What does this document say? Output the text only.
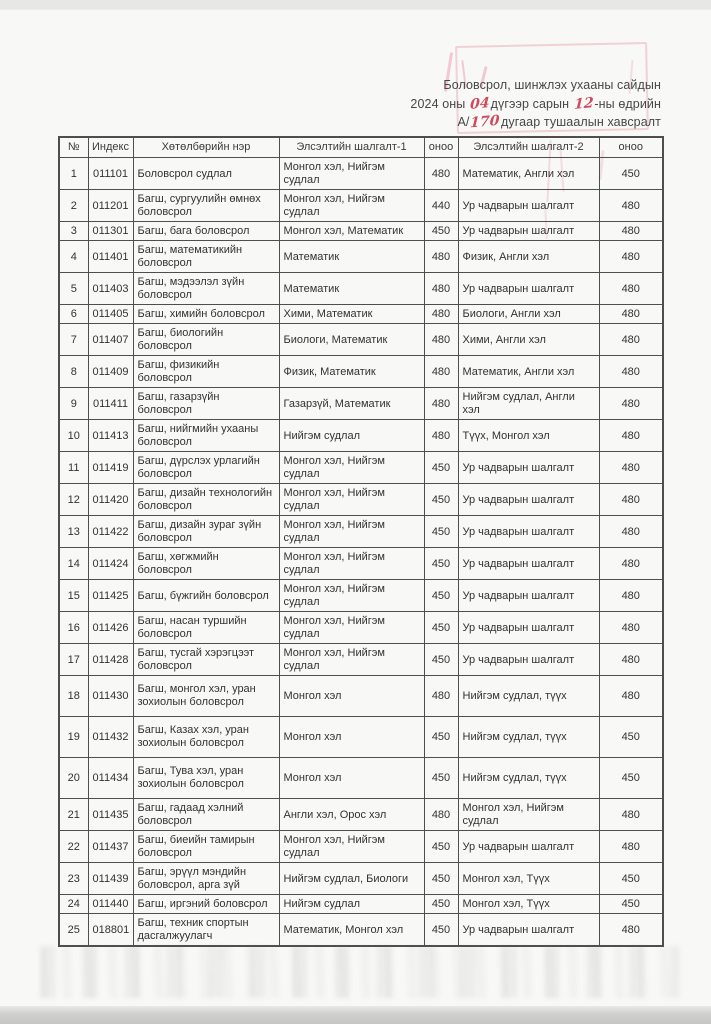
Боловсрол, шинжлэх ухааны сайдын
2024 оны 04дүгээр сарын 12-ны өдрийн
А/170дугаар тушаалын хавсралт
№	Индекс	Хөтөлбөрийн нэр	Элсэлтийн шалгалт-1	оноо	Элсэлтийн шалгалт-2	оноо
1	011101	Боловсрол судлал	Монгол хэл, Нийгэм судлал	480	Математик, Англи хэл	450
2	011201	Багш, сургуулийн өмнөх боловсрол	Монгол хэл, Нийгэм судлал	440	Ур чадварын шалгалт	480
3	011301	Багш, бага боловсрол	Монгол хэл, Математик	450	Ур чадварын шалгалт	480
4	011401	Багш, математикийн боловсрол	Математик	480	Физик, Англи хэл	480
5	011403	Багш, мэдээлэл зүйн боловсрол	Математик	480	Ур чадварын шалгалт	480
6	011405	Багш, химийн боловсрол	Хими, Математик	480	Биологи, Англи хэл	480
7	011407	Багш, биологийн боловсрол	Биологи, Математик	480	Хими, Англи хэл	480
8	011409	Багш, физикийн боловсрол	Физик, Математик	480	Математик, Англи хэл	480
9	011411	Багш, газарзүйн боловсрол	Газарзүй, Математик	480	Нийгэм судлал, Англи хэл	480
10	011413	Багш, нийгмийн ухааны боловсрол	Нийгэм судлал	480	Түүх, Монгол хэл	480
11	011419	Багш, дүрслэх урлагийн боловсрол	Монгол хэл, Нийгэм судлал	450	Ур чадварын шалгалт	480
12	011420	Багш, дизайн технологийн боловсрол	Монгол хэл, Нийгэм судлал	450	Ур чадварын шалгалт	480
13	011422	Багш, дизайн зураг зүйн боловсрол	Монгол хэл, Нийгэм судлал	450	Ур чадварын шалгалт	480
14	011424	Багш, хөгжмийн боловсрол	Монгол хэл, Нийгэм судлал	450	Ур чадварын шалгалт	480
15	011425	Багш, бүжгийн боловсрол	Монгол хэл, Нийгэм судлал	450	Ур чадварын шалгалт	480
16	011426	Багш, насан туршийн боловсрол	Монгол хэл, Нийгэм судлал	450	Ур чадварын шалгалт	480
17	011428	Багш, тусгай хэрэгцээт боловсрол	Монгол хэл, Нийгэм судлал	450	Ур чадварын шалгалт	480
18	011430	Багш, монгол хэл, уран зохиолын боловсрол	Монгол хэл	480	Нийгэм судлал, түүх	480
19	011432	Багш, Казах хэл, уран зохиолын боловсрол	Монгол хэл	450	Нийгэм судлал, түүх	450
20	011434	Багш, Тува хэл, уран зохиолын боловсрол	Монгол хэл	450	Нийгэм судлал, түүх	450
21	011435	Багш, гадаад хэлний боловсрол	Англи хэл, Орос хэл	480	Монгол хэл, Нийгэм судлал	480
22	011437	Багш, биеийн тамирын боловсрол	Монгол хэл, Нийгэм судлал	450	Ур чадварын шалгалт	480
23	011439	Багш, эрүүл мэндийн боловсрол, арга зүй	Нийгэм судлал, Биологи	450	Монгол хэл, Түүх	450
24	011440	Багш, иргэний боловсрол	Нийгэм судлал	450	Монгол хэл, Түүх	450
25	018801	Багш, техник спортын дасгалжуулагч	Математик, Монгол хэл	450	Ур чадварын шалгалт	480
